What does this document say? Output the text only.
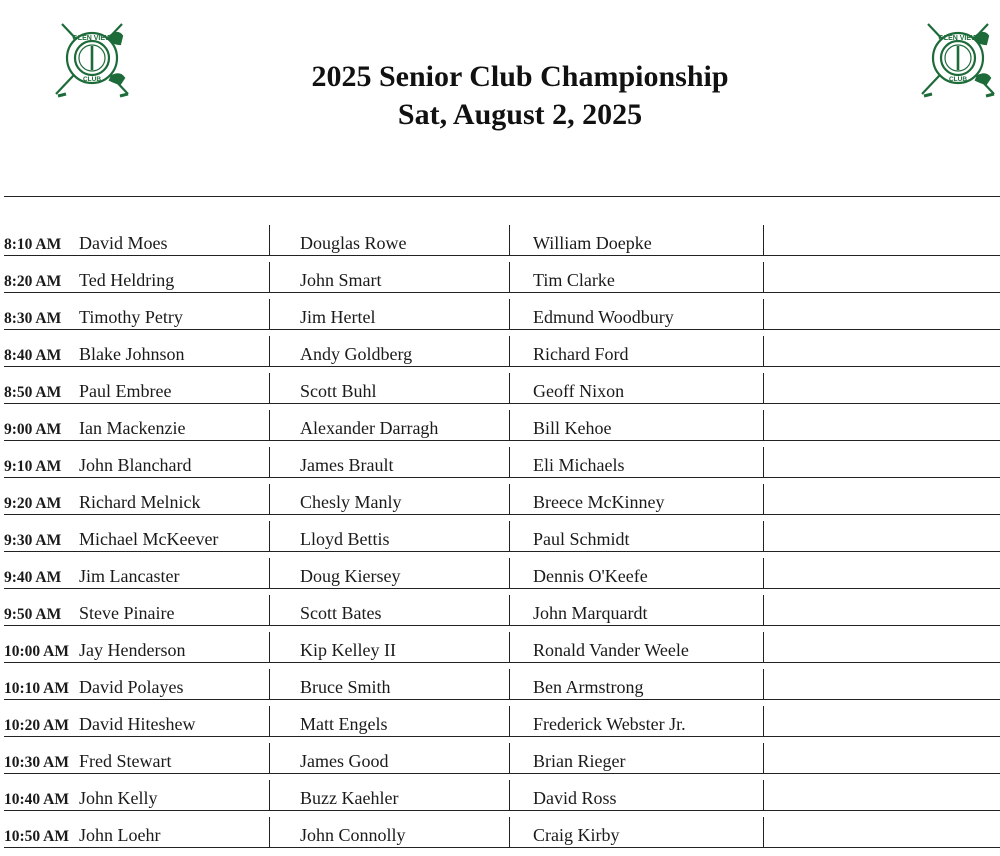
GLEN VIEW
CLUB
GLEN VIEW
CLUB
2025 Senior Club Championship
Sat, August 2, 2025
8:10 AM David Moes	Douglas Rowe	William Doepke
8:20 AM Ted Heldring	John Smart	Tim Clarke
8:30 AM Timothy Petry	Jim Hertel	Edmund Woodbury
8:40 AM Blake Johnson	Andy Goldberg	Richard Ford
8:50 AM Paul Embree	Scott Buhl	Geoff Nixon
9:00 AM Ian Mackenzie	Alexander Darragh	Bill Kehoe
9:10 AM John Blanchard	James Brault	Eli Michaels
9:20 AM Richard Melnick	Chesly Manly	Breece McKinney
9:30 AM Michael McKeever	Lloyd Bettis	Paul Schmidt
9:40 AM Jim Lancaster	Doug Kiersey	Dennis O'Keefe
9:50 AM Steve Pinaire	Scott Bates	John Marquardt
10:00 AM Jay Henderson	Kip Kelley II	Ronald Vander Weele
10:10 AM David Polayes	Bruce Smith	Ben Armstrong
10:20 AM David Hiteshew	Matt Engels	Frederick Webster Jr.
10:30 AM Fred Stewart	James Good	Brian Rieger
10:40 AM John Kelly	Buzz Kaehler	David Ross
10:50 AM John Loehr	John Connolly	Craig Kirby
